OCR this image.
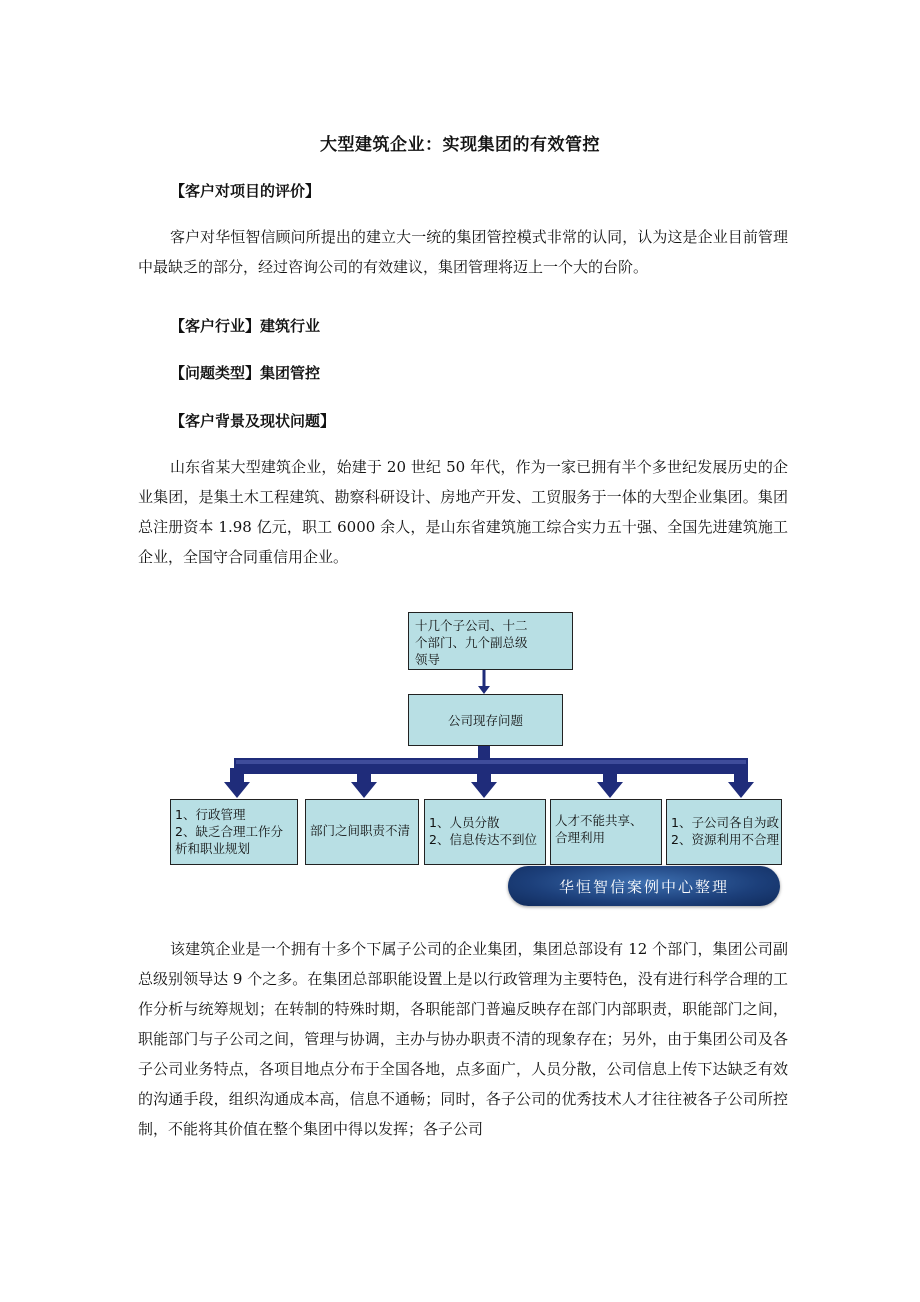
大型建筑企业：实现集团的有效管控
【客户对项目的评价】

客户对华恒智信顾问所提出的建立大一统的集团管控模式非常的认同，认为这是企业目前管理中最缺乏的部分，经过咨询公司的有效建议，集团管理将迈上一个大的台阶。

【客户行业】建筑行业
【问题类型】集团管控
【客户背景及现状问题】

山东省某大型建筑企业，始建于 20 世纪 50 年代，作为一家已拥有半个多世纪发展历史的企业集团，是集土木工程建筑、勘察科研设计、房地产开发、工贸服务于一体的大型企业集团。集团总注册资本 1.98 亿元，职工 6000 余人，是山东省建筑施工综合实力五十强、全国先进建筑施工企业，全国守合同重信用企业。

十几个子公司、十二
个部门、九个副总级
领导
公司现存问题
1、行政管理
2、缺乏合理工作分
析和职业规划
部门之间职责不清
1、人员分散
2、信息传达不到位
人才不能共享、
合理利用
1、子公司各自为政
2、资源利用不合理
华恒智信案例中心整理

该建筑企业是一个拥有十多个下属子公司的企业集团，集团总部设有 12 个部门，集团公司副总级别领导达 9 个之多。在集团总部职能设置上是以行政管理为主要特色，没有进行科学合理的工作分析与统筹规划；在转制的特殊时期，各职能部门普遍反映存在部门内部职责，职能部门之间，职能部门与子公司之间，管理与协调，主办与协办职责不清的现象存在；另外，由于集团公司及各子公司业务特点，各项目地点分布于全国各地，点多面广，人员分散，公司信息上传下达缺乏有效的沟通手段，组织沟通成本高，信息不通畅；同时，各子公司的优秀技术人才往往被各子公司所控制，不能将其价值在整个集团中得以发挥；各子公司
